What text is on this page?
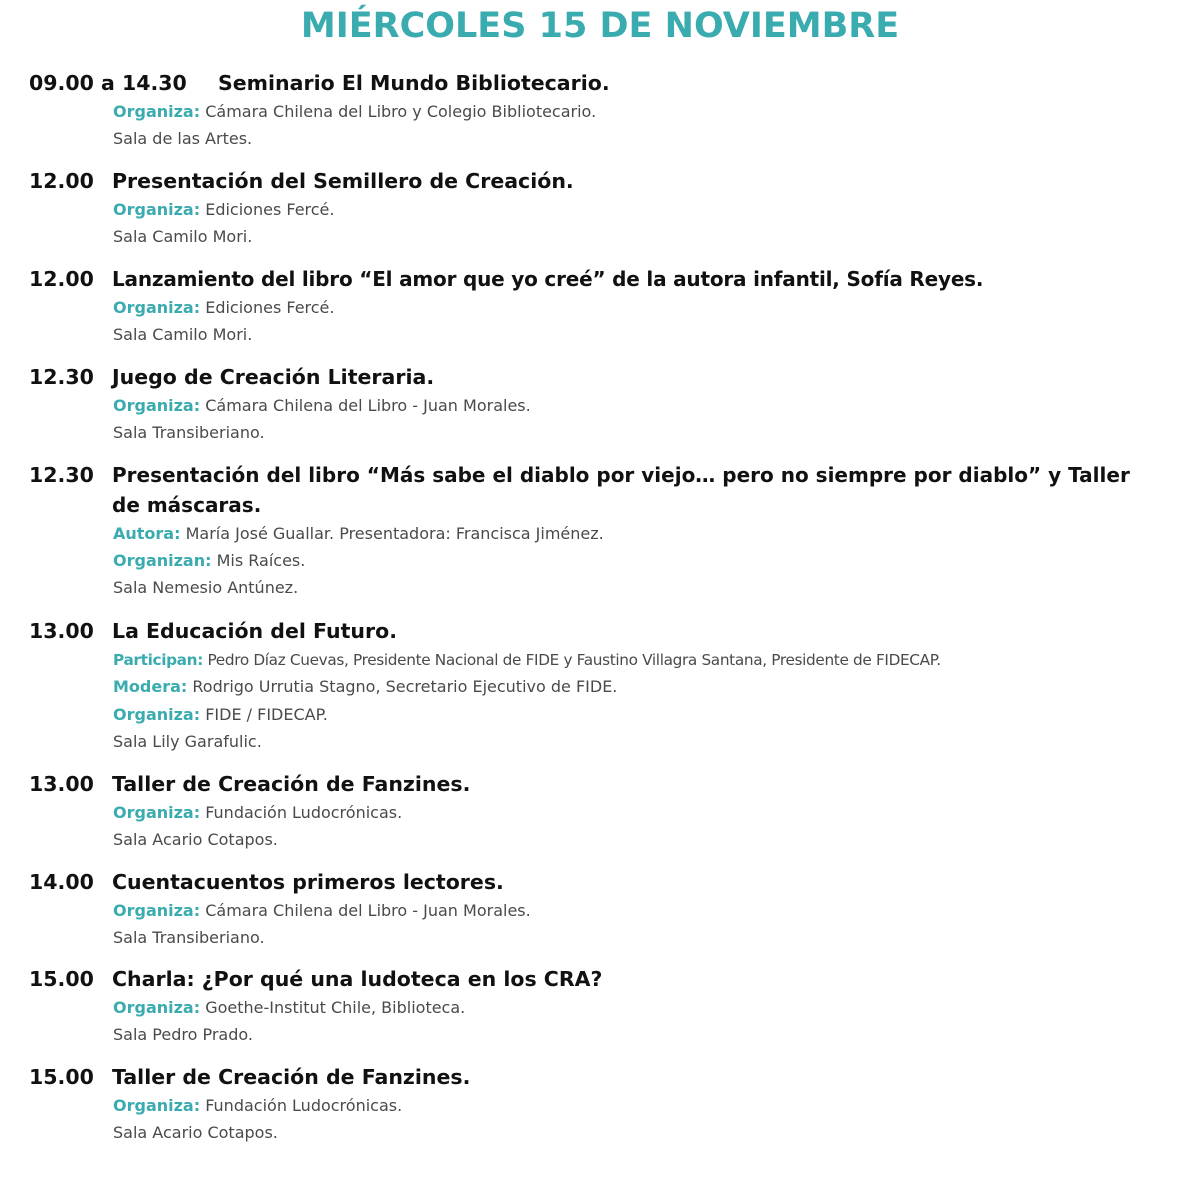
MIÉRCOLES 15 DE NOVIEMBRE
09.00 a 14.30 Seminario El Mundo Bibliotecario.
Organiza: Cámara Chilena del Libro y Colegio Bibliotecario.
Sala de las Artes.
12.00 Presentación del Semillero de Creación.
Organiza: Ediciones Fercé.
Sala Camilo Mori.
12.00 Lanzamiento del libro “El amor que yo creé” de la autora infantil, Sofía Reyes.
Organiza: Ediciones Fercé.
Sala Camilo Mori.
12.30 Juego de Creación Literaria.
Organiza: Cámara Chilena del Libro - Juan Morales.
Sala Transiberiano.
12.30 Presentación del libro “Más sabe el diablo por viejo… pero no siempre por diablo” y Taller de máscaras.
Autora: María José Guallar. Presentadora: Francisca Jiménez.
Organizan: Mis Raíces.
Sala Nemesio Antúnez.
13.00 La Educación del Futuro.
Participan: Pedro Díaz Cuevas, Presidente Nacional de FIDE y Faustino Villagra Santana, Presidente de FIDECAP.
Modera: Rodrigo Urrutia Stagno, Secretario Ejecutivo de FIDE.
Organiza: FIDE / FIDECAP.
Sala Lily Garafulic.
13.00 Taller de Creación de Fanzines.
Organiza: Fundación Ludocrónicas.
Sala Acario Cotapos.
14.00 Cuentacuentos primeros lectores.
Organiza: Cámara Chilena del Libro - Juan Morales.
Sala Transiberiano.
15.00 Charla: ¿Por qué una ludoteca en los CRA?
Organiza: Goethe-Institut Chile, Biblioteca.
Sala Pedro Prado.
15.00 Taller de Creación de Fanzines.
Organiza: Fundación Ludocrónicas.
Sala Acario Cotapos.
